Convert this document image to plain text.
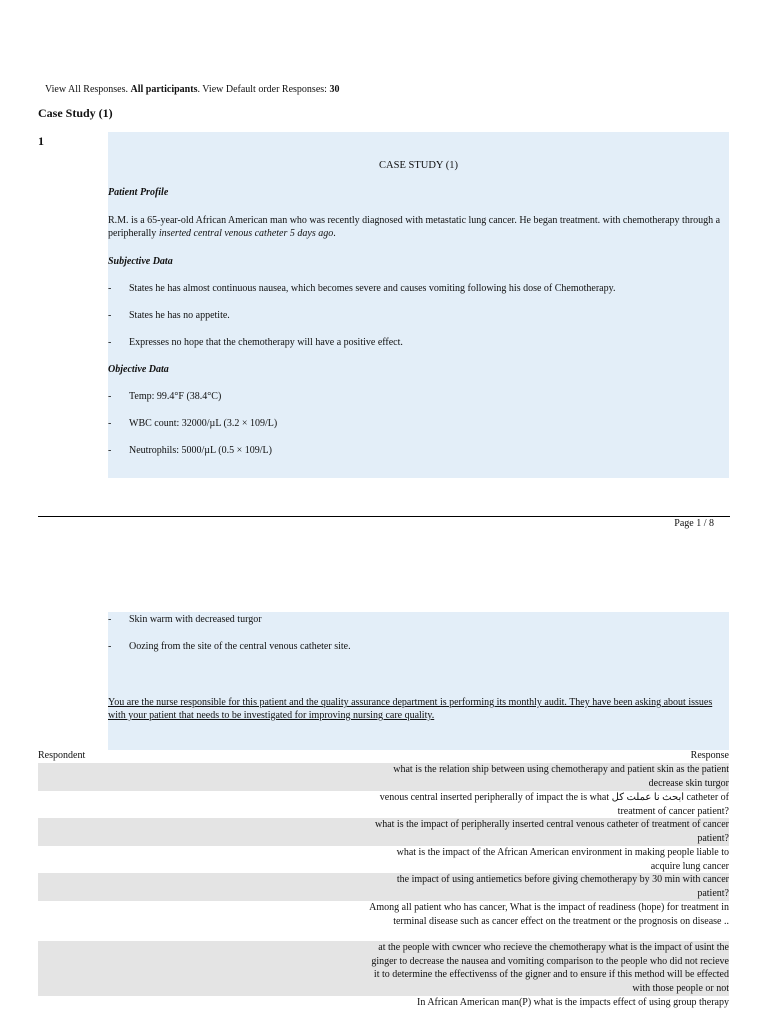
View All Responses. All participants. View Default order Responses: 30
Case Study (1)
1
CASE STUDY (1)
Patient Profile
R.M. is a 65-year-old African American man who was recently diagnosed with metastatic lung cancer. He began treatment. with chemotherapy through a peripherally inserted central venous catheter 5 days ago.
Subjective Data
- States he has almost continuous nausea, which becomes severe and causes vomiting following his dose of Chemotherapy.
- States he has no appetite.
- Expresses no hope that the chemotherapy will have a positive effect.
Objective Data
- Temp: 99.4°F (38.4°C)
- WBC count: 32000/µL (3.2 × 109/L)
- Neutrophils: 5000/µL (0.5 × 109/L)
Page 1 / 8
- Skin warm with decreased turgor
- Oozing from the site of the central venous catheter site.
You are the nurse responsible for this patient and the quality assurance department is performing its monthly audit. They have been asking about issues with your patient that needs to be investigated for improving nursing care quality.
Respondent	Response
what is the relation ship between using chemotherapy and patient skin as the patient decrease skin turgor
venous central inserted peripherally of impact the is what ابحث نا عملت كل catheter of treatment of cancer patient?
what is the impact of peripherally inserted central venous catheter of treatment of cancer patient?
what is the impact of the African American environment in making people liable to acquire lung cancer
the impact of using antiemetics before giving chemotherapy by 30 min with cancer patient?
Among all patient who has cancer, What is the impact of readiness (hope) for treatment in terminal disease such as cancer effect on the treatment or the prognosis on disease ..
at the people with cwncer who recieve the chemotherapy what is the impact of usint the ginger to decrease the nausea and vomiting comparison to the people who did not recieve it to determine the effectivenss of the gigner and to ensure if this method will be effected with those people or not
In African American man(P) what is the impacts effect of using group therapy
